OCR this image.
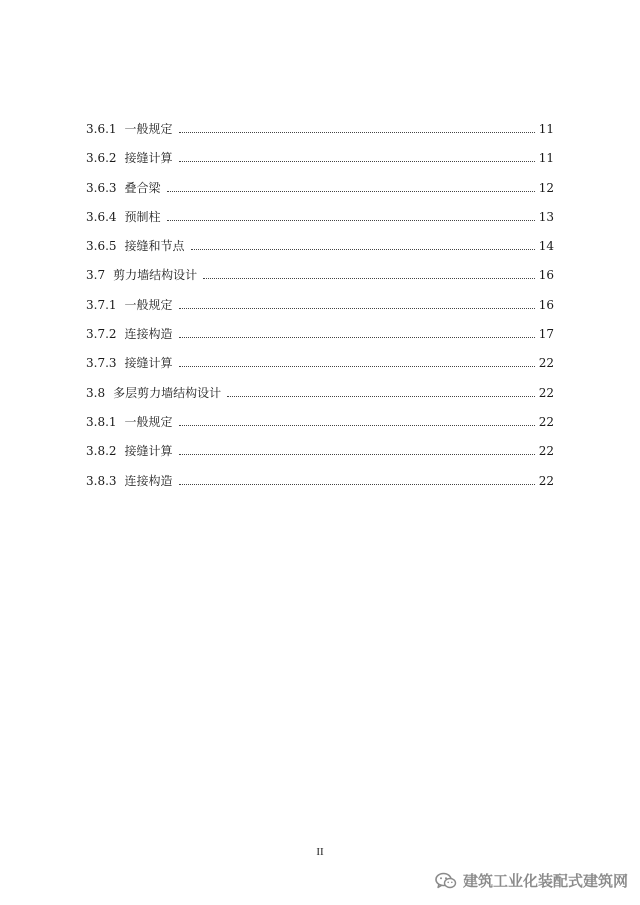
3.6.1 一般规定	11
3.6.2 接缝计算	11
3.6.3 叠合梁	12
3.6.4 预制柱	13
3.6.5 接缝和节点	14
3.7 剪力墙结构设计	16
3.7.1 一般规定	16
3.7.2 连接构造	17
3.7.3 接缝计算	22
3.8 多层剪力墙结构设计	22
3.8.1 一般规定	22
3.8.2 接缝计算	22
3.8.3 连接构造	22
II
建筑工业化装配式建筑网
